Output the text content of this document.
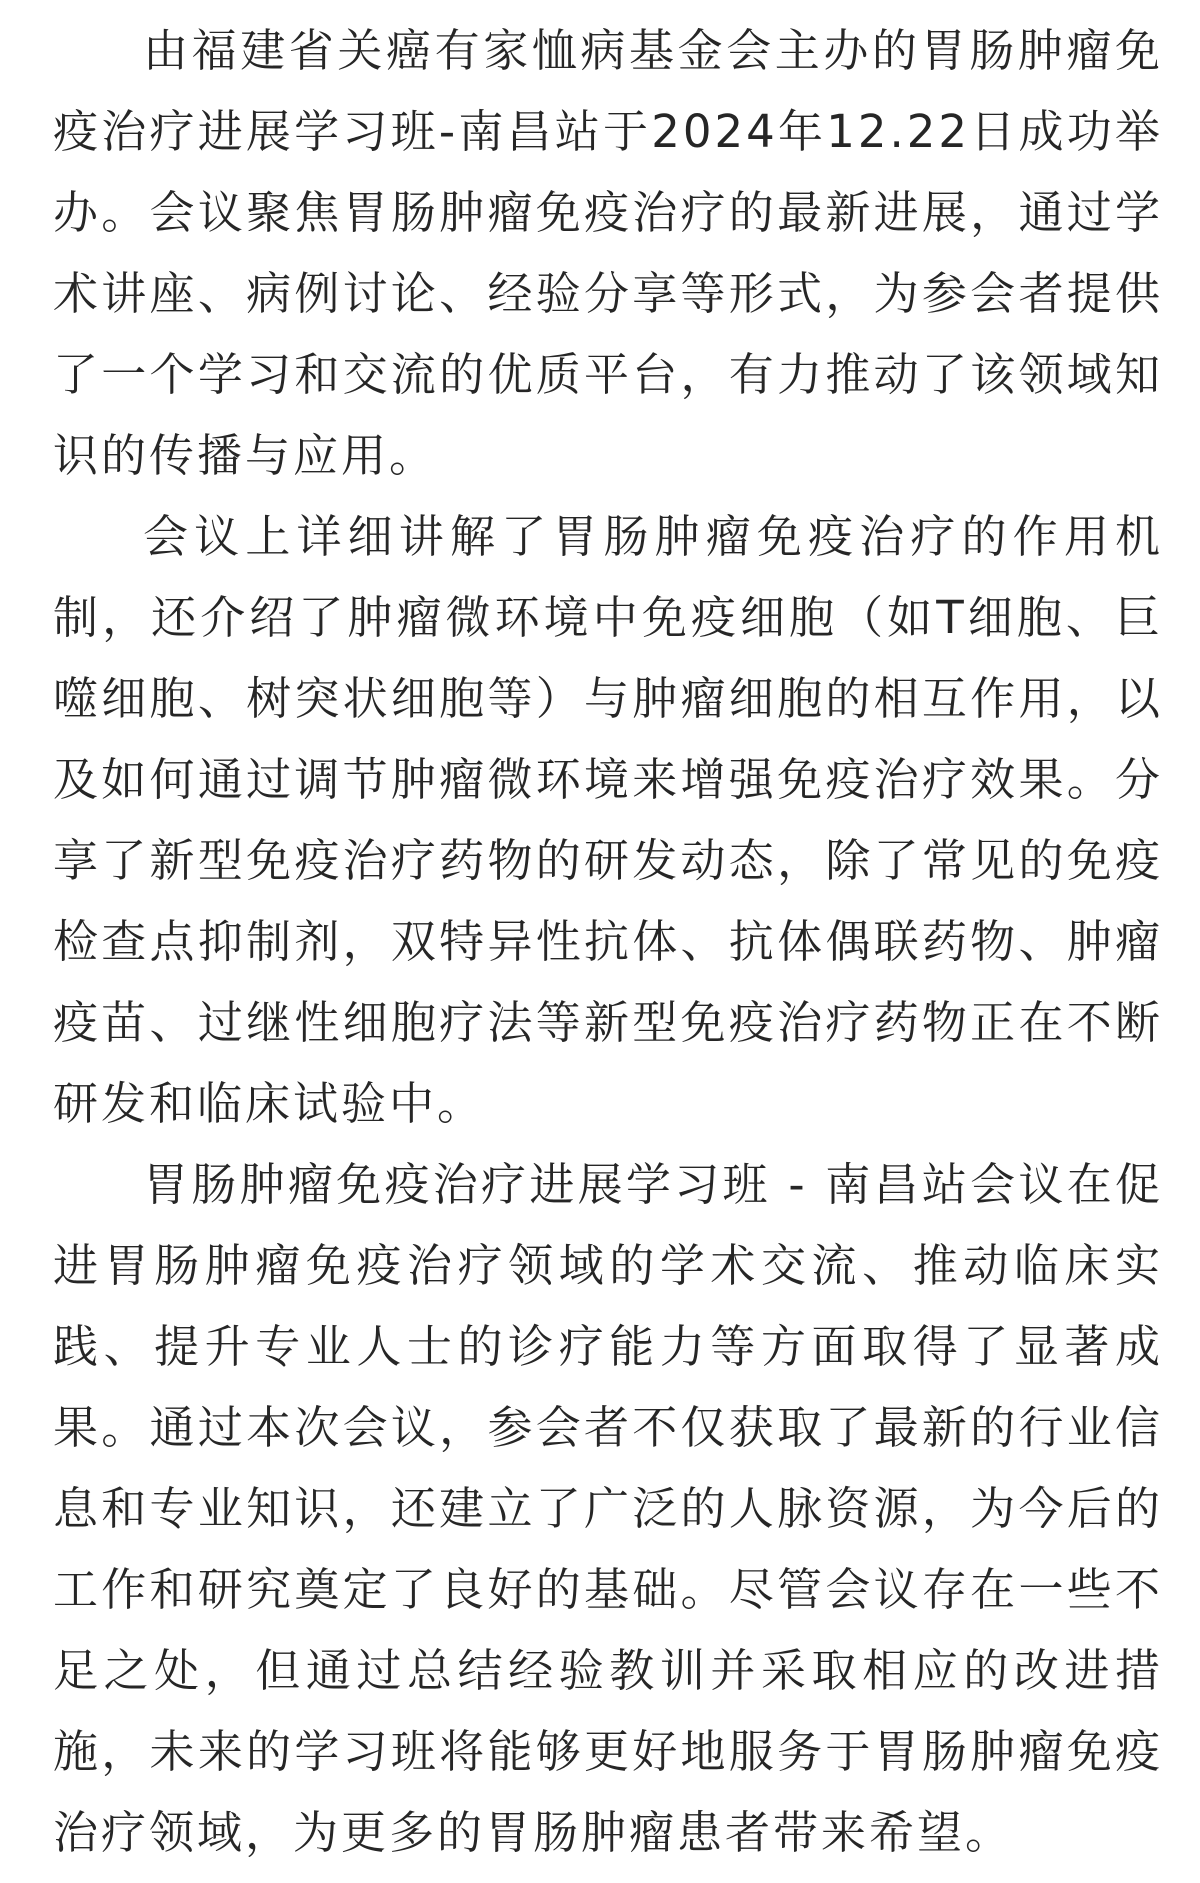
由福建省关癌有家恤病基金会主办的胃肠肿瘤免疫治疗进展学习班-南昌站于2024年12.22日成功举办。会议聚焦胃肠肿瘤免疫治疗的最新进展，通过学术讲座、病例讨论、经验分享等形式，为参会者提供了一个学习和交流的优质平台，有力推动了该领域知识的传播与应用。

会议上详细讲解了胃肠肿瘤免疫治疗的作用机制，还介绍了肿瘤微环境中免疫细胞（如T细胞、巨噬细胞、树突状细胞等）与肿瘤细胞的相互作用，以及如何通过调节肿瘤微环境来增强免疫治疗效果。分享了新型免疫治疗药物的研发动态，除了常见的免疫检查点抑制剂，双特异性抗体、抗体偶联药物、肿瘤疫苗、过继性细胞疗法等新型免疫治疗药物正在不断研发和临床试验中。

胃肠肿瘤免疫治疗进展学习班 - 南昌站会议在促进胃肠肿瘤免疫治疗领域的学术交流、推动临床实践、提升专业人士的诊疗能力等方面取得了显著成果。通过本次会议，参会者不仅获取了最新的行业信息和专业知识，还建立了广泛的人脉资源，为今后的工作和研究奠定了良好的基础。尽管会议存在一些不足之处，但通过总结经验教训并采取相应的改进措施，未来的学习班将能够更好地服务于胃肠肿瘤免疫治疗领域，为更多的胃肠肿瘤患者带来希望。
